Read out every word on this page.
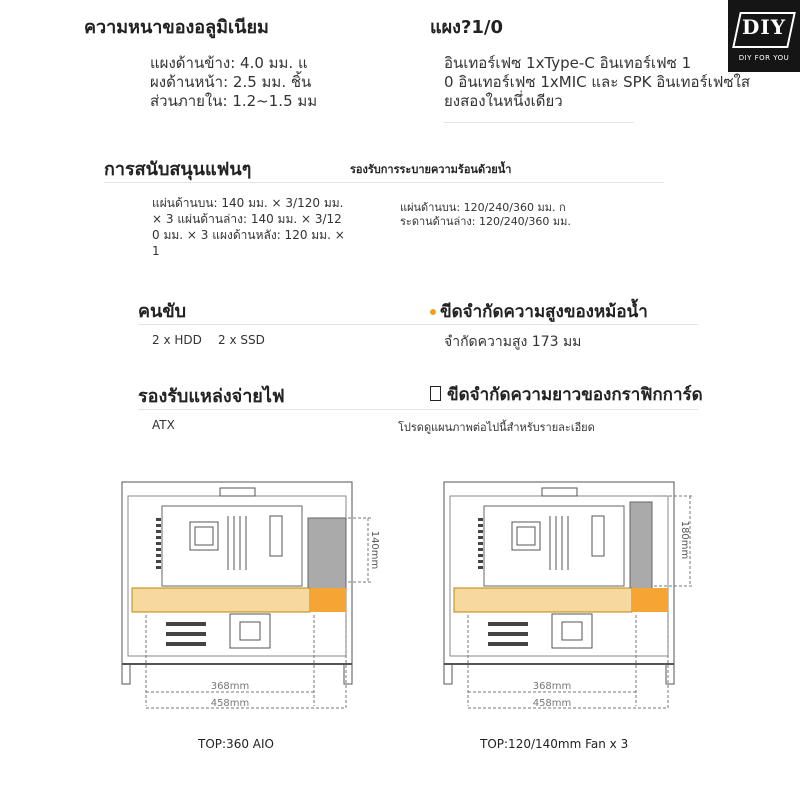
DIY
DIY FOR YOU
ความหนาของอลูมิเนียม
แผงด้านข้าง: 4.0 มม. แ
ผงด้านหน้า: 2.5 มม. ชิ้น
ส่วนภายใน: 1.2~1.5 มม
แผง?1/0
อินเทอร์เฟซ 1xType-C อินเทอร์เฟซ 1
0 อินเทอร์เฟซ 1xMIC และ SPK อินเทอร์เฟซใส
ยงสองในหนึ่งเดียว
การสนับสนุนแฟนๆ
แผ่นด้านบน: 140 มม. × 3/120 มม.
× 3 แผ่นด้านล่าง: 140 มม. × 3/12
0 มม. × 3 แผงด้านหลัง: 120 มม. ×
1
รองรับการระบายความร้อนด้วยน้ำ
แผ่นด้านบน: 120/240/360 มม. ก
ระดานด้านล่าง: 120/240/360 มม.
คนขับ
2 x HDD 2 x SSD
ขีดจำกัดความสูงของหม้อน้ำ
จำกัดความสูง 173 มม
รองรับแหล่งจ่ายไฟ
ATX
ขีดจำกัดความยาวของกราฟิกการ์ด
โปรดดูแผนภาพต่อไปนี้สำหรับรายละเอียด
140mm
368mm
458mm
TOP:360 AIO
180mm
368mm
458mm
TOP:120/140mm Fan x 3
